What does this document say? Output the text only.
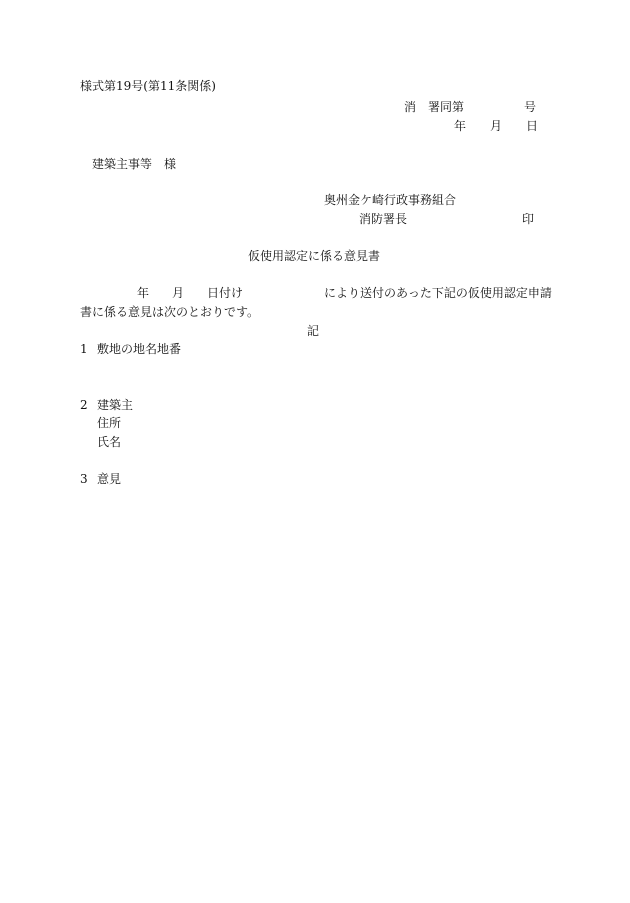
様式第19号(第11条関係)
消　署同第　　　　　号
年　　月　　日
建築主事等　様
奥州金ケ崎行政事務組合
消防署長	印
仮使用認定に係る意見書
年 月 日付け	により送付のあった下記の仮使用認定申請
書に係る意見は次のとおりです。
記
1 敷地の地名地番
2 建築主
住所
氏名
3 意見
